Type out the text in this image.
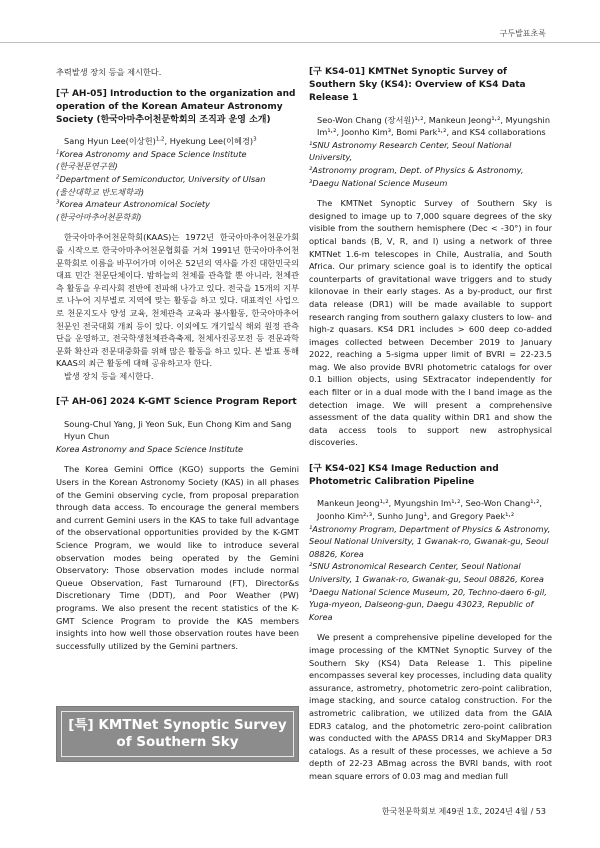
구두발표초록

추력발생 장치 등을 제시한다.

[구 AH-05] Introduction to the organization and operation of the Korean Amateur Astronomy Society (한국아마추어천문학회의 조직과 운영 소개)

Sang Hyun Lee(이상헌)$^{1,2}$, Hyekung Lee(이혜경)$^3$

$^1$Korea Astronomy and Space Science Institute

(한국천문연구원)

$^2$Department of Semiconductor, University of Ulsan

(울산대학교 반도체학과)

$^3$Korea Amateur Astronomical Society

(한국아마추어천문학회)

한국아마추어천문학회(KAAS)는 1972년 한국아마추어천문가회를 시작으로 한국아마추어천문협회를 거쳐 1991년 한국아마추어천문학회로 이름을 바꾸어가며 이어온 52년의 역사를 가진 대한민국의 대표 민간 천문단체이다. 밤하늘의 천체를 관측할 뿐 아니라, 천체관측 활동을 우리사회 전반에 전파해 나가고 있다. 전국을 15개의 지부로 나누어 지부별로 지역에 맞는 활동을 하고 있다. 대표적인 사업으로 천문지도사 양성 교육, 천체관측 교육과 봉사활동, 한국아마추어천문인 전국대회 개최 등이 있다. 이외에도 개기일식 해외 원정 관측단을 운영하고, 전국학생천체관측축제, 천체사진공모전 등 전문과학문화 확산과 전문대중화를 위해 많은 활동을 하고 있다. 본 발표 통해 KAAS의 최근 활동에 대해 공유하고자 한다.

발생 장치 등을 제시한다.

[구 AH-06] 2024 K-GMT Science Program Report

Soung-Chul Yang, Ji Yeon Suk, Eun Chong Kim and Sang Hyun Chun

Korea Astronomy and Space Science Institute

The Korea Gemini Office (KGO) supports the Gemini Users in the Korean Astronomy Society (KAS) in all phases of the Gemini observing cycle, from proposal preparation through data access. To encourage the general members and current Gemini users in the KAS to take full advantage of the observational opportunities provided by the K-GMT Science Program, we would like to introduce several observation modes being operated by the Gemini Observatory: Those observation modes include normal Queue Observation, Fast Turnaround (FT), Director&s Discretionary Time (DDT), and Poor Weather (PW) programs. We also present the recent statistics of the K-GMT Science Program to provide the KAS members insights into how well those observation routes have been successfully utilized by the Gemini partners.

[특] KMTNet Synoptic Survey of Southern Sky

[구 KS4-01] KMTNet Synoptic Survey of Southern Sky (KS4): Overview of KS4 Data Release 1

Seo-Won Chang (장서원)¹˒², Mankeun Jeong¹˒², Myungshin Im¹˒², Joonho Kim³, Bomi Park¹˒², and KS4 collaborations

¹SNU Astronomy Research Center, Seoul National University,

²Astronomy program, Dept. of Physics & Astronomy,

³Daegu National Science Museum

The KMTNet Synoptic Survey of Southern Sky is designed to image up to 7,000 square degrees of the sky visible from the southern hemisphere (Dec < -30°) in four optical bands (B, V, R, and I) using a network of three KMTNet 1.6-m telescopes in Chile, Australia, and South Africa. Our primary science goal is to identify the optical counterparts of gravitational wave triggers and to study kilonovae in their early stages. As a by-product, our first data release (DR1) will be made available to support research ranging from southern galaxy clusters to low- and high-z quasars. KS4 DR1 includes > 600 deep co-added images collected between December 2019 to January 2022, reaching a 5-sigma upper limit of BVRI = 22-23.5 mag. We also provide BVRI photometric catalogs for over 0.1 billion objects, using SExtracator independently for each filter or in a dual mode with the I band image as the detection image. We will present a comprehensive assessment of the data quality within DR1 and show the data access tools to support new astrophysical discoveries.

[구 KS4-02] KS4 Image Reduction and Photometric Calibration Pipeline

Mankeun Jeong¹˒², Myungshin Im¹˒², Seo-Won Chang¹˒², Joonho Kim²˒³, Sunho Jung¹, and Gregory Paek¹˒²

¹Astronomy Program, Department of Physics & Astronomy, Seoul National University, 1 Gwanak-ro, Gwanak-gu, Seoul

08826, Korea

²SNU Astronomical Research Center, Seoul National University, 1 Gwanak-ro, Gwanak-gu, Seoul 08826, Korea

³Daegu National Science Museum, 20, Techno-daero 6-gil, Yuga-myeon, Dalseong-gun, Daegu 43023, Republic of Korea

We present a comprehensive pipeline developed for the image processing of the KMTNet Synoptic Survey of the Southern Sky (KS4) Data Release 1. This pipeline encompasses several key processes, including data quality assurance, astrometry, photometric zero-point calibration, image stacking, and source catalog construction. For the astrometric calibration, we utilized data from the GAIA EDR3 catalog, and the photometric zero-point calibration was conducted with the APASS DR14 and SkyMapper DR3 catalogs. As a result of these processes, we achieve a 5σ depth of 22-23 ABmag across the BVRI bands, with root mean square errors of 0.03 mag and median full

한국천문학회보 제49권 1호, 2024년 4월 / 53
